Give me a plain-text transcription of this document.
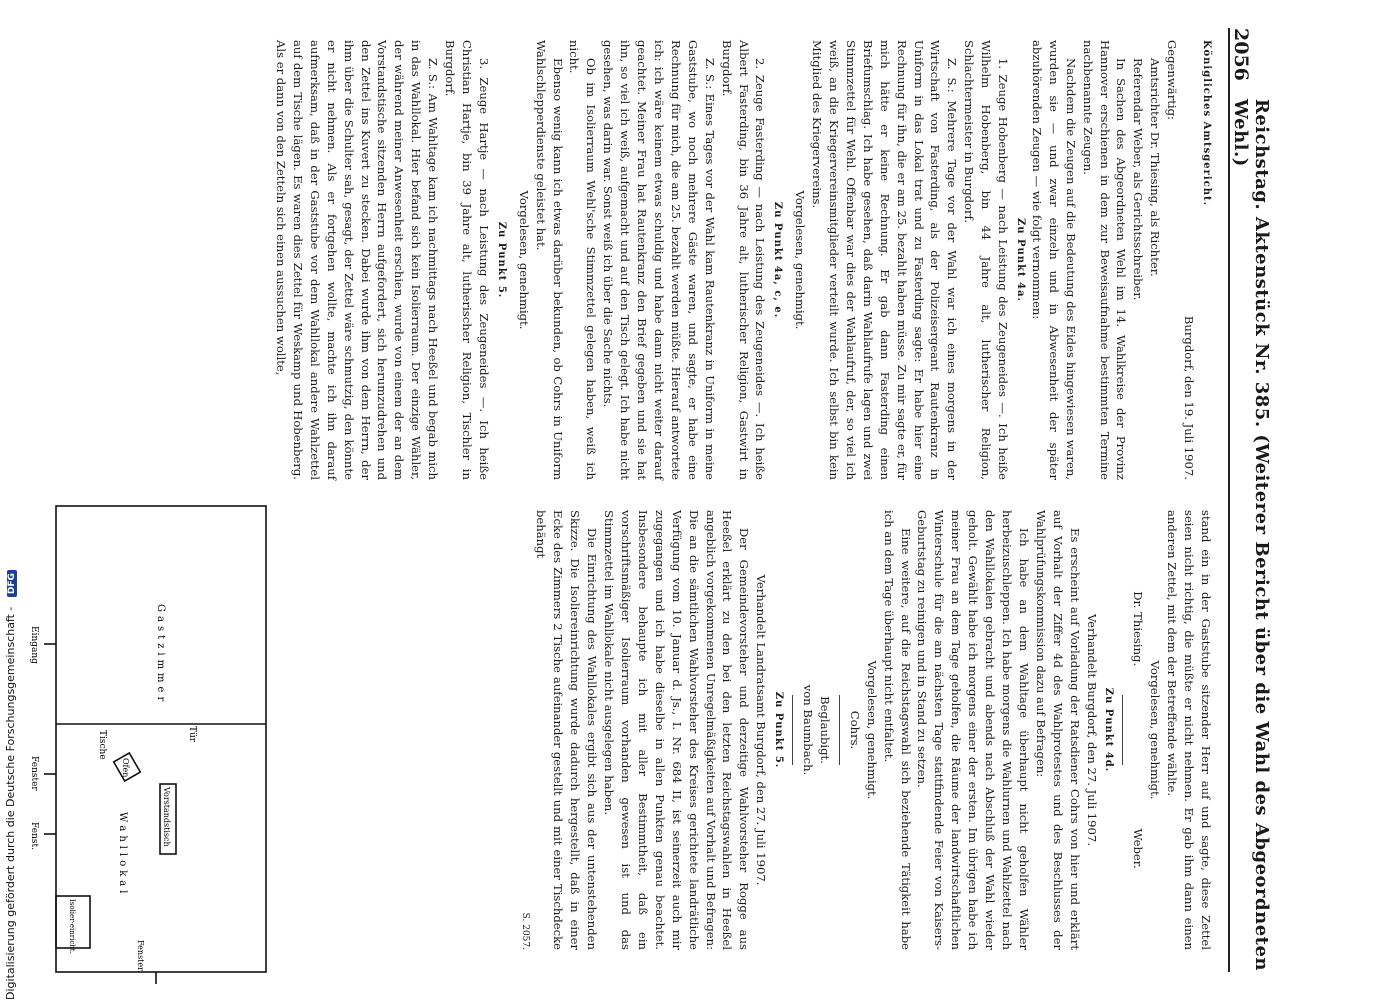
2056
Reichstag. Aktenstück Nr. 385. (Weiterer Bericht über die Wahl des Abgeordneten Wehl.)

Königliches Amtsgericht.

Burgdorf, den 19. Juli 1907.

Gegenwärtig:

Amtsrichter Dr. Thiesing, als Richter.

Referendar Weber, als Gerichtsschreiber.

In Sachen des Abgeordneten Wehl im 14. Wahlkreise der Provinz Hannover erschienen in dem zur Beweisaufnahme bestimmten Termine nachbenannte Zeugen.

Nachdem die Zeugen auf die Bedeutung des Eides hingewiesen waren, wurden sie — und zwar einzeln und in Abwesenheit der später abzuhörenden Zeugen — wie folgt vernommen:

Zu Punkt 4a.

1. Zeuge Hobenberg — nach Leistung des Zeugeneides —. Ich heiße Wilhelm Hobenberg, bin 44 Jahre alt, lutherischer Religion, Schlachtermeister in Burgdorf.

Z. S.: Mehrere Tage vor der Wahl war ich eines morgens in der Wirtschaft von Fasterding, als der Polizeisergeant Rautenkranz in Uniform in das Lokal trat und zu Fasterding sagte: Er habe hier eine Rechnung für ihn, die er am 25. bezahlt haben müsse. Zu mir sagte er, für mich hätte er keine Rechnung. Er gab dann Fasterding einen Briefumschlag. Ich habe gesehen, daß darin Wahlaufrufe lagen und zwei Stimmzettel für Wehl. Offenbar war dies der Wahlaufruf, der, so viel ich weiß, an die Kriegervereinsmitglieder verteilt wurde. Ich selbst bin kein Mitglied des Kriegervereins.

Vorgelesen, genehmigt.

Zu Punkt 4a, c, e.

2. Zeuge Fasterding — nach Leistung des Zeugeneides —. Ich heiße Albert Fasterding, bin 36 Jahre alt, lutherischer Religion, Gastwirt in Burgdorf.

Z. S.: Eines Tages vor der Wahl kam Rautenkranz in Uniform in meine Gaststube, wo noch mehrere Gäste waren, und sagte, er habe eine Rechnung für mich, die am 25. bezahlt werden müßte. Hierauf antwortete ich: ich wäre keinem etwas schuldig und habe dann nicht weiter darauf geachtet. Meiner Frau hat Rautenkranz den Brief gegeben und sie hat ihn, so viel ich weiß, aufgemacht und auf den Tisch gelegt. Ich habe nicht gesehen, was darin war. Sonst weiß ich über die Sache nichts.

Ob im Isolierraum Wehl'sche Stimmzettel gelegen haben, weiß ich nicht.

Ebenso wenig kann ich etwas darüber bekunden, ob Cohrs in Uniform Wahlschlepperdienste geleistet hat.

Vorgelesen, genehmigt.

Zu Punkt 5.

3. Zeuge Hartje — nach Leistung des Zeugeneides —. Ich heiße Christian Hartje, bin 39 Jahre alt, lutherischer Religion, Tischler in Burgdorf.

Z. S.: Am Wahltage kam ich nachmittags nach Heeßel und begab mich in das Wahllokal. Hier befand sich kein Isolierraum. Der einzige Wähler, der während meiner Anwesenheit erschien, wurde von einem der an dem Vorstandstische sitzenden Herrn aufgefordert, sich herumzudrehen und den Zettel ins Kuvert zu stecken. Dabei wurde ihm von dem Herrn, der ihm über die Schulter sah, gesagt, der Zettel wäre schmutzig, den könnte er nicht nehmen. Als er fortgehen wollte, machte ich ihn darauf aufmerksam, daß in der Gaststube vor dem Wahllokal andere Wahlzettel auf dem Tische lägen. Es waren dies Zettel für Weskamp und Hobenberg. Als er dann von den Zetteln sich einen aussuchen wollte,

stand ein in der Gaststube sitzender Herr auf und sagte, diese Zettel seien nicht richtig, die müßte er nicht nehmen. Er gab ihm dann einen anderen Zettel, mit dem der Betreffende wählte.

Vorgelesen, genehmigt.

Dr. Thiesing.
Weber.

Zu Punkt 4d.

Verhandelt Burgdorf, den 27. Juli 1907.

Es erscheint auf Vorladung der Ratsdiener Cohrs von hier und erklärt auf Vorhalt der Ziffer 4d des Wahlprotestes und des Beschlusses der Wahlprüfungskommission dazu auf Befragen:

Ich habe an dem Wahltage überhaupt nicht geholfen Wähler herbeizuschleppen. Ich habe morgens die Wahlurnen und Wahlzettel nach den Wahllokalen gebracht und abends nach Abschluß der Wahl wieder geholt. Gewählt habe ich morgens einer der ersten. Im übrigen habe ich meiner Frau an dem Tage geholfen, die Räume der landwirtschaftlichen Winterschule für die am nächsten Tage stattfindende Feier von Kaisers-Geburtstag zu reinigen und in Stand zu setzen.

Eine weitere, auf die Reichstagswahl sich beziehende Tätigkeit habe ich an dem Tage überhaupt nicht entfaltet.

Vorgelesen, genehmigt.

Cohrs.

Beglaubigt.

von Baumbach.

Zu Punkt 5.

Verhandelt Landratsamt Burgdorf, den 27. Juli 1907.

Der Gemeindevorsteher und derzeitige Wahlvorsteher Rogge aus Heeßel erklärt zu den bei den letzten Reichstagswahlen in Heeßel angeblich vorgekommenen Unregelmäßigkeiten auf Vorhalt und Befragen: Die an die sämtlichen Wahlvorsteher des Kreises gerichtete landrätliche Verfügung vom 10. Januar d. Js., I. Nr. 684 II, ist seinerzeit auch mir zugegangen und ich habe dieselbe in allen Punkten genau beachtet. Insbesondere behaupte ich mit aller Bestimmtheit, daß ein vorschriftsmäßiger Isolierraum vorhanden gewesen ist und das Stimmzettel im Wahllokale nicht ausgelegen haben.

Die Einrichtung des Wahllokales ergibt sich aus der untenstehenden Skizze. Die Isoliereinrichtung wurde dadurch hergestellt, daß in einer Ecke des Zimmers 2 Tische aufeinander gestellt und mit einer Tischdecke behängt

S. 2057.

Gastzimmer
Wahllokal
Tür
Eingang
Tische
Vorstandstisch
Ofen
Fenster
Fenst.
Fenster
Isolier-einricht.
Digitalisierung gefördert durch die Deutsche Forschungsgemeinschaft - DFG
